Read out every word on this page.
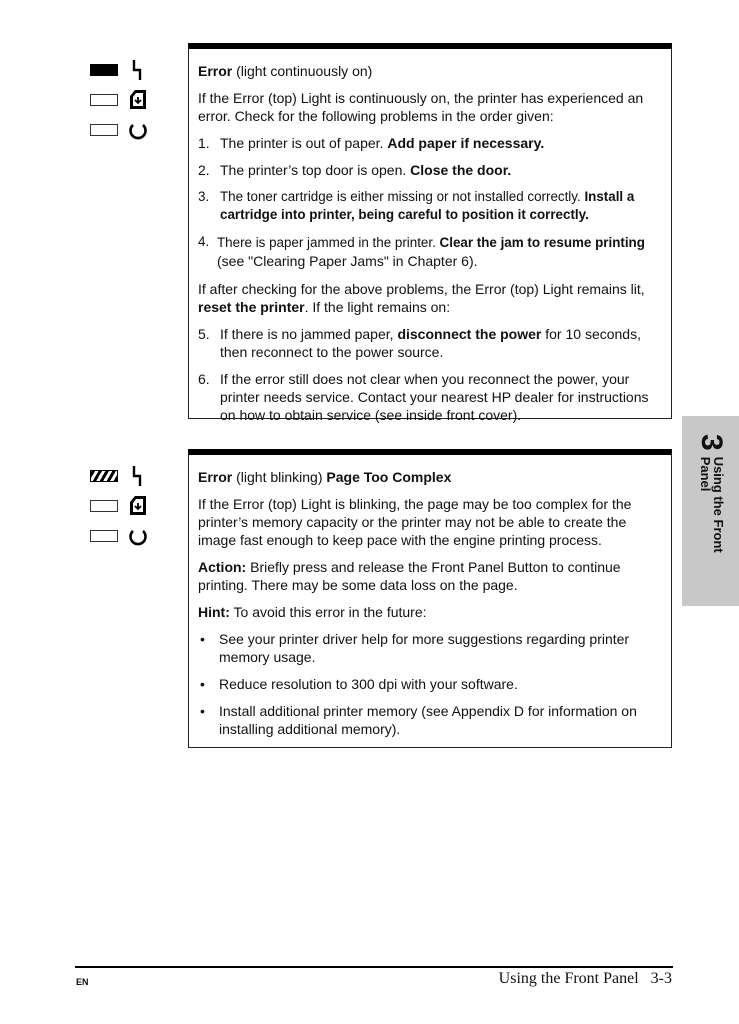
Error (light continuously on)

If the Error (top) Light is continuously on, the printer has experienced an error. Check for the following problems in the order given:

1. The printer is out of paper. Add paper if necessary.
2. The printer’s top door is open. Close the door.
3. The toner cartridge is either missing or not installed correctly. Install a cartridge into printer, being careful to position it correctly.
4. There is paper jammed in the printer. Clear the jam to resume printing (see "Clearing Paper Jams" in Chapter 6).

If after checking for the above problems, the Error (top) Light remains lit, reset the printer. If the light remains on:

5. If there is no jammed paper, disconnect the power for 10 seconds, then reconnect to the power source.
6. If the error still does not clear when you reconnect the power, your printer needs service. Contact your nearest HP dealer for instructions on how to obtain service (see inside front cover).

Error (light blinking) Page Too Complex

If the Error (top) Light is blinking, the page may be too complex for the printer’s memory capacity or the printer may not be able to create the image fast enough to keep pace with the engine printing process.

Action: Briefly press and release the Front Panel Button to continue printing. There may be some data loss on the page.

Hint: To avoid this error in the future:

•	See your printer driver help for more suggestions regarding printer memory usage.
•	Reduce resolution to 300 dpi with your software.
•	Install additional printer memory (see Appendix D for information on installing additional memory).
3
Using the Front
Panel
EN	Using the Front Panel 3-3
